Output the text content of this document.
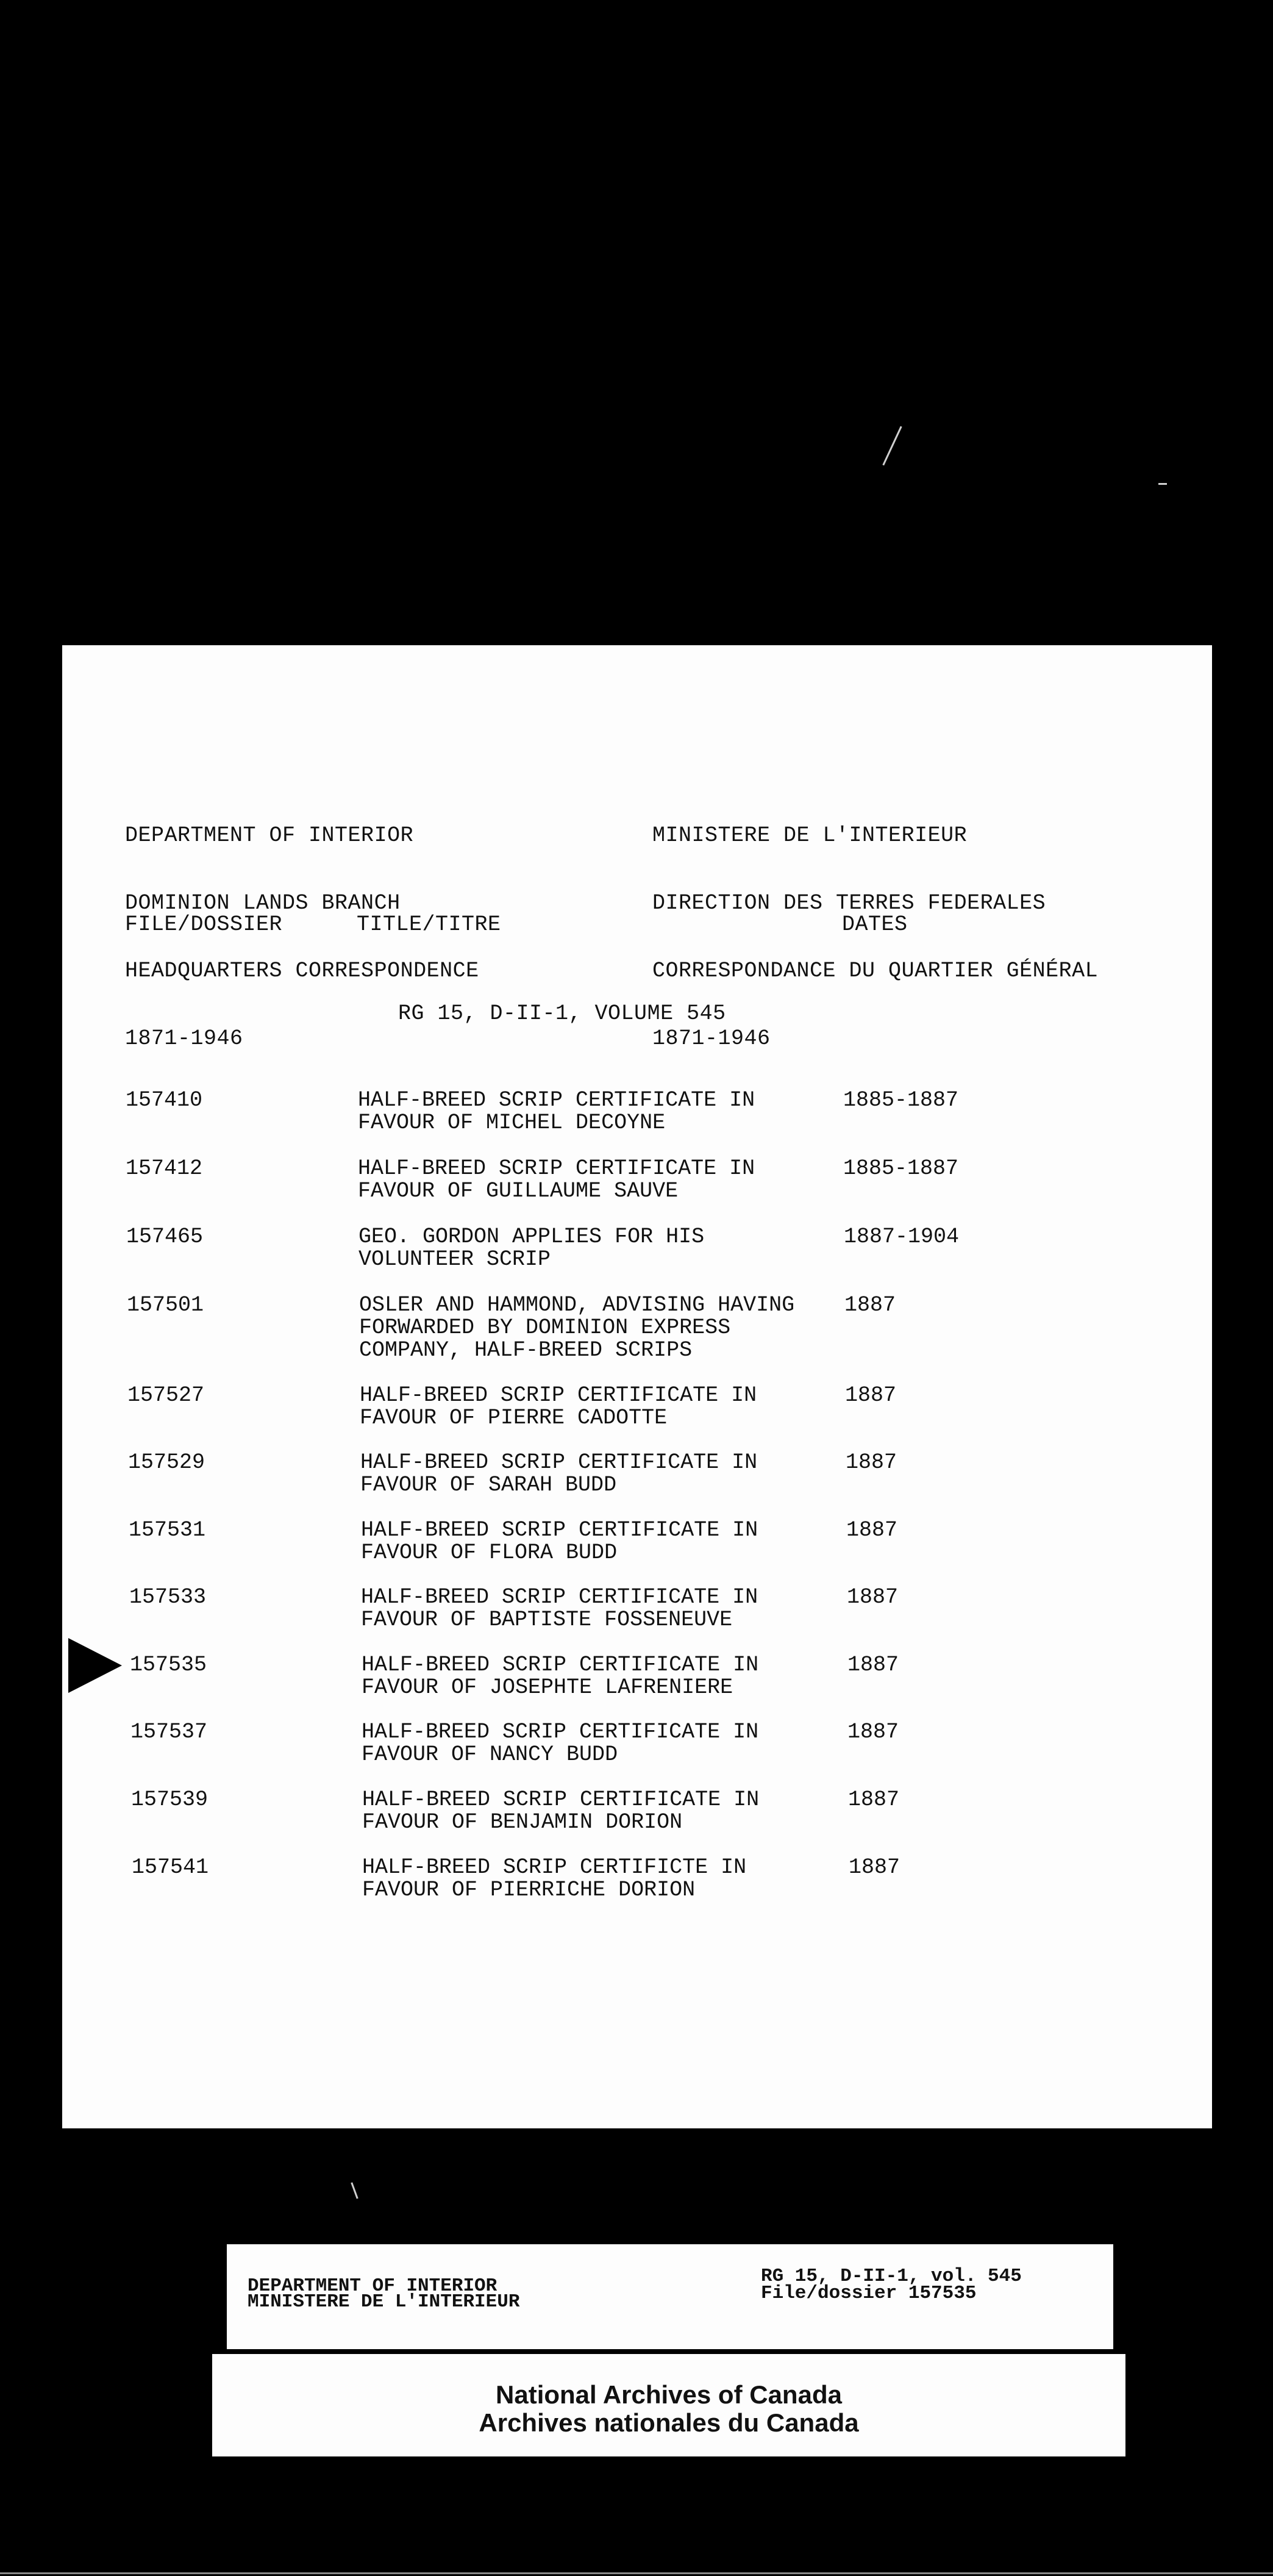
DEPARTMENT OF INTERIOR

DOMINION LANDS BRANCH

HEADQUARTERS CORRESPONDENCE

1871-1946

MINISTERE DE L'INTERIEUR

DIRECTION DES TERRES FEDERALES

CORRESPONDANCE DU QUARTIER GÉNÉRAL

1871-1946

FILE/DOSSIER	TITLE/TITRE	DATES
RG 15, D-II-1, VOLUME 545
157410	HALF-BREED SCRIP CERTIFICATE IN
FAVOUR OF MICHEL DECOYNE
1885-1887
157412	HALF-BREED SCRIP CERTIFICATE IN
FAVOUR OF GUILLAUME SAUVE
1885-1887
157465	GEO. GORDON APPLIES FOR HIS
VOLUNTEER SCRIP
1887-1904
157501	OSLER AND HAMMOND, ADVISING HAVING
FORWARDED BY DOMINION EXPRESS
COMPANY, HALF-BREED SCRIPS
1887
157527	HALF-BREED SCRIP CERTIFICATE IN
FAVOUR OF PIERRE CADOTTE
1887
157529	HALF-BREED SCRIP CERTIFICATE IN
FAVOUR OF SARAH BUDD
1887
157531	HALF-BREED SCRIP CERTIFICATE IN
FAVOUR OF FLORA BUDD
1887
157533	HALF-BREED SCRIP CERTIFICATE IN
FAVOUR OF BAPTISTE FOSSENEUVE
1887
157535	HALF-BREED SCRIP CERTIFICATE IN
FAVOUR OF JOSEPHTE LAFRENIERE
1887
157537	HALF-BREED SCRIP CERTIFICATE IN
FAVOUR OF NANCY BUDD
1887
157539	HALF-BREED SCRIP CERTIFICATE IN
FAVOUR OF BENJAMIN DORION
1887
157541	HALF-BREED SCRIP CERTIFICTE IN
FAVOUR OF PIERRICHE DORION
1887
DEPARTMENT OF INTERIOR
MINISTERE DE L'INTERIEUR
RG 15, D-II-1, vol. 545
File/dossier 157535
National Archives of Canada
Archives nationales du Canada
